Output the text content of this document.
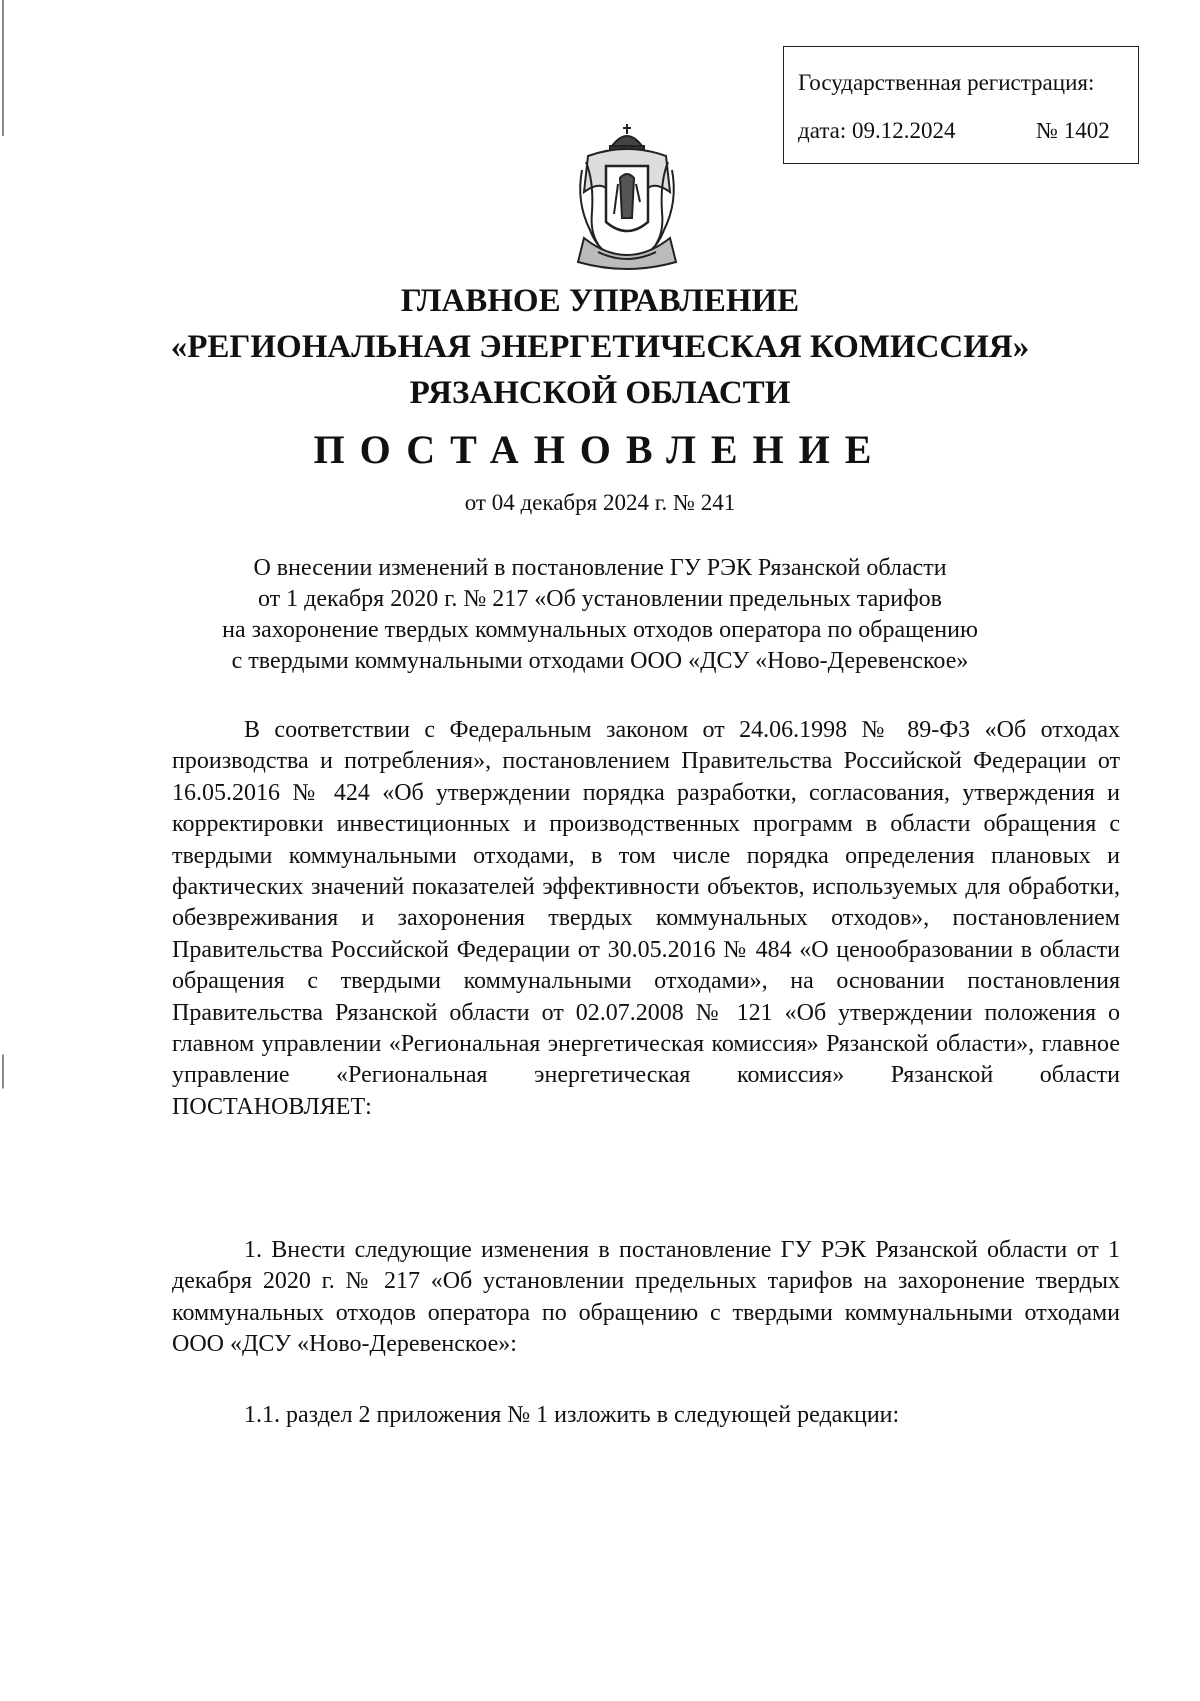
Государственная регистрация:
дата: 09.12.2024	№ 1402
ГЛАВНОЕ УПРАВЛЕНИЕ
«РЕГИОНАЛЬНАЯ ЭНЕРГЕТИЧЕСКАЯ КОМИССИЯ»
РЯЗАНСКОЙ ОБЛАСТИ
ПОСТАНОВЛЕНИЕ
от 04 декабря 2024 г. № 241
О внесении изменений в постановление ГУ РЭК Рязанской области
от 1 декабря 2020 г. № 217 «Об установлении предельных тарифов
на захоронение твердых коммунальных отходов оператора по обращению
с твердыми коммунальными отходами ООО «ДСУ «Ново-Деревенское»
В соответствии с Федеральным законом от 24.06.1998 № 89-ФЗ «Об отходах производства и потребления», постановлением Правительства Российской Федерации от 16.05.2016 № 424 «Об утверждении порядка разработки, согласования, утверждения и корректировки инвестиционных и производственных программ в области обращения с твердыми коммунальными отходами, в том числе порядка определения плановых и фактических значений показателей эффективности объектов, используемых для обработки, обезвреживания и захоронения твердых коммунальных отходов», постановлением Правительства Российской Федерации от 30.05.2016 № 484 «О ценообразовании в области обращения с твердыми коммунальными отходами», на основании постановления Правительства Рязанской области от 02.07.2008 № 121 «Об утверждении положения о главном управлении «Региональная энергетическая комиссия» Рязанской области», главное управление «Региональная энергетическая комиссия» Рязанской области ПОСТАНОВЛЯЕТ:
1. Внести следующие изменения в постановление ГУ РЭК Рязанской области от 1 декабря 2020 г. № 217 «Об установлении предельных тарифов на захоронение твердых коммунальных отходов оператора по обращению с твердыми коммунальными отходами ООО «ДСУ «Ново-Деревенское»:
1.1. раздел 2 приложения № 1 изложить в следующей редакции:
